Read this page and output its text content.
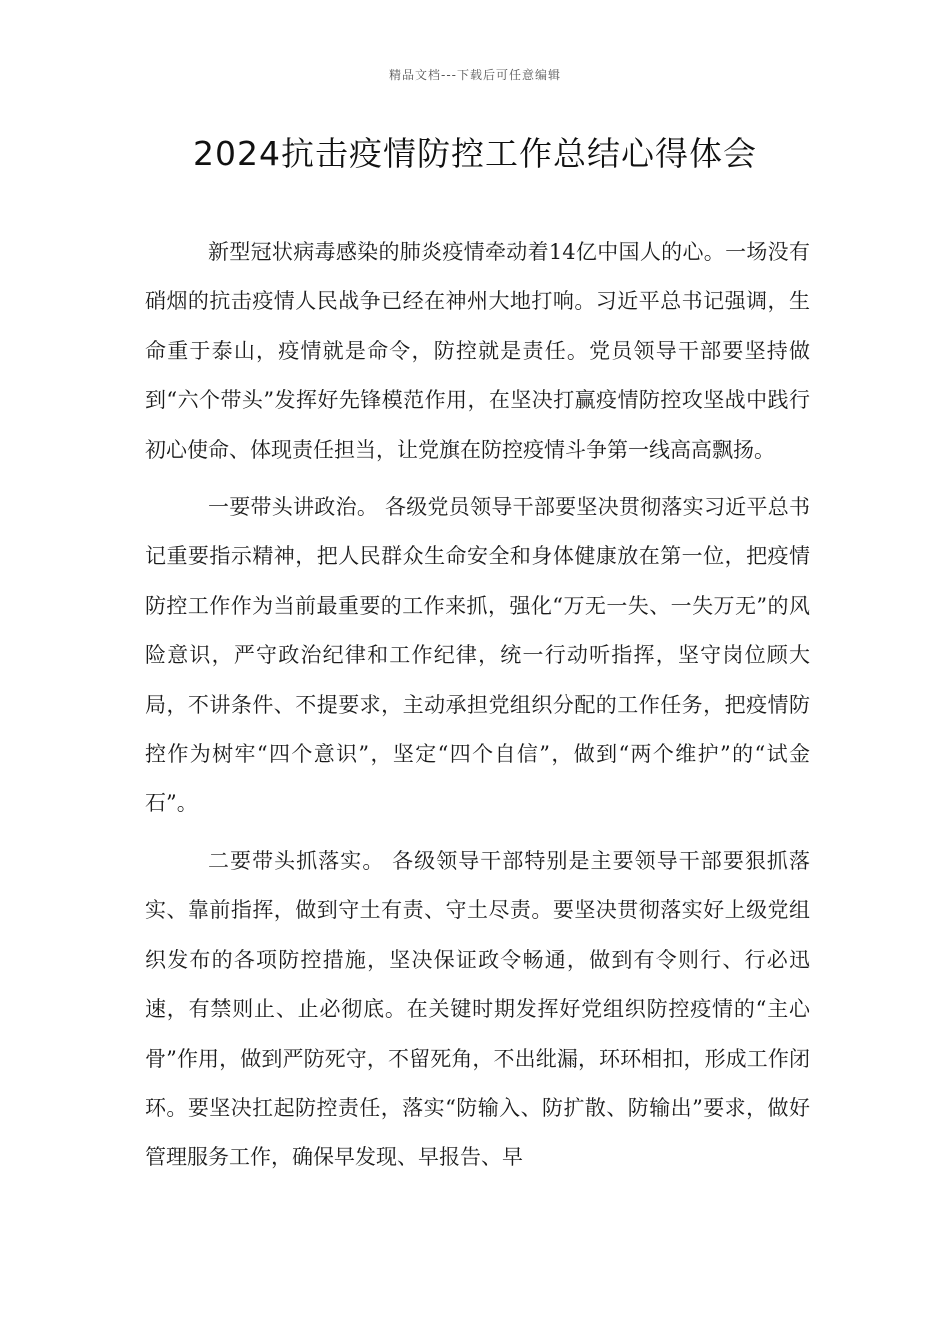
精品文档---下载后可任意编辑
2024抗击疫情防控工作总结心得体会

新型冠状病毒感染的肺炎疫情牵动着14亿中国人的心。一场没有硝烟的抗击疫情人民战争已经在神州大地打响。习近平总书记强调，生命重于泰山，疫情就是命令，防控就是责任。党员领导干部要坚持做到“六个带头”发挥好先锋模范作用，在坚决打赢疫情防控攻坚战中践行初心使命、体现责任担当，让党旗在防控疫情斗争第一线高高飘扬。

一要带头讲政治。 各级党员领导干部要坚决贯彻落实习近平总书记重要指示精神，把人民群众生命安全和身体健康放在第一位，把疫情防控工作作为当前最重要的工作来抓，强化“万无一失、一失万无”的风险意识，严守政治纪律和工作纪律，统一行动听指挥，坚守岗位顾大局，不讲条件、不提要求，主动承担党组织分配的工作任务，把疫情防控作为树牢“四个意识”，坚定“四个自信”，做到“两个维护”的“试金石”。

二要带头抓落实。 各级领导干部特别是主要领导干部要狠抓落实、靠前指挥，做到守土有责、守土尽责。要坚决贯彻落实好上级党组织发布的各项防控措施，坚决保证政令畅通，做到有令则行、行必迅速，有禁则止、止必彻底。在关键时期发挥好党组织防控疫情的“主心骨”作用，做到严防死守，不留死角，不出纰漏，环环相扣，形成工作闭环。要坚决扛起防控责任，落实“防输入、防扩散、防输出”要求，做好管理服务工作，确保早发现、早报告、早
